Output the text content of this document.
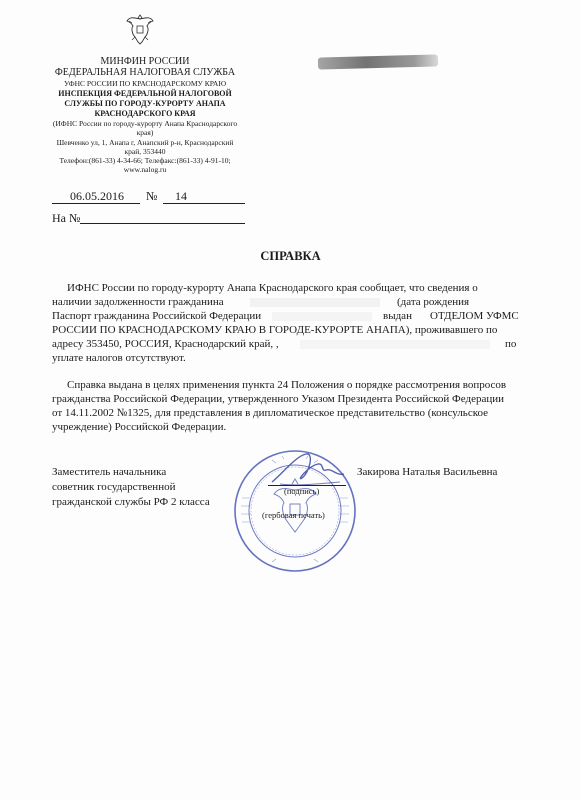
МИНФИН РОССИИ
ФЕДЕРАЛЬНАЯ НАЛОГОВАЯ СЛУЖБА
УФНС РОССИИ ПО КРАСНОДАРСКОМУ КРАЮ
ИНСПЕКЦИЯ ФЕДЕРАЛЬНОЙ НАЛОГОВОЙ
СЛУЖБЫ ПО ГОРОДУ-КУРОРТУ АНАПА
КРАСНОДАРСКОГО КРАЯ
(ИФНС России по городу-курорту Анапа Краснодарского
края)
Шевченко ул, 1, Анапа г, Анапский р-н, Краснодарский
край, 353440
Телефон:(861-33) 4-34-66; Телефакс:(861-33) 4-91-10;
www.nalog.ru
06.05.2016 № 14
На №
СПРАВКА
ИФНС России по городу-курорту Анапа Краснодарского края сообщает, что сведения о
наличии задолженности гражданина	(дата рождения
Паспорт гражданина Российской Федерации	выдан ОТДЕЛОМ УФМС
РОССИИ ПО КРАСНОДАРСКОМУ КРАЮ В ГОРОДЕ-КУРОРТЕ АНАПА), проживавшего по
адресу 353450, РОССИЯ, Краснодарский край, ,	по
уплате налогов отсутствуют.
Справка выдана в целях применения пункта 24 Положения о порядке рассмотрения вопросов
гражданства Российской Федерации, утвержденного Указом Президента Российской Федерации
от 14.11.2002 №1325, для представления в дипломатическое представительство (консульское
учреждение) Российской Федерации.
Заместитель начальника
советник государственной
гражданской службы РФ 2 класса
Закирова Наталья Васильевна
(подпись)
(гербовая печать)
